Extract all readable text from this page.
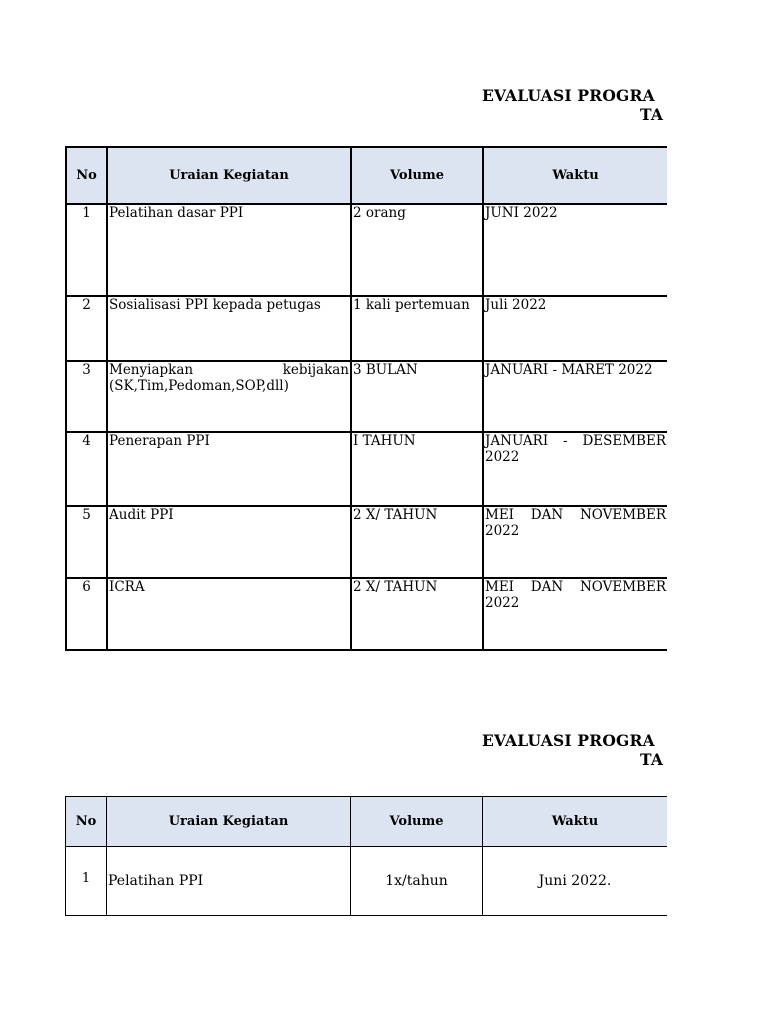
EVALUASI PROGRA
TA
No	Uraian Kegiatan	Volume	Waktu
1	Pelatihan dasar PPI	2 orang	JUNI 2022
2	Sosialisasi PPI kepada petugas	1 kali pertemuan	Juli 2022
3	Menyiapkan kebijakan (SK,Tim,Pedoman,SOP,dll)	3 BULAN	JANUARI - MARET 2022
4	Penerapan PPI	I TAHUN	JANUARI - DESEMBER 2022
5	Audit PPI	2 X/ TAHUN	MEI DAN NOVEMBER 2022
6	ICRA	2 X/ TAHUN	MEI DAN NOVEMBER 2022
EVALUASI PROGRA
TA
No	Uraian Kegiatan	Volume	Waktu
1	Pelatihan PPI	1x/tahun	Juni 2022.
